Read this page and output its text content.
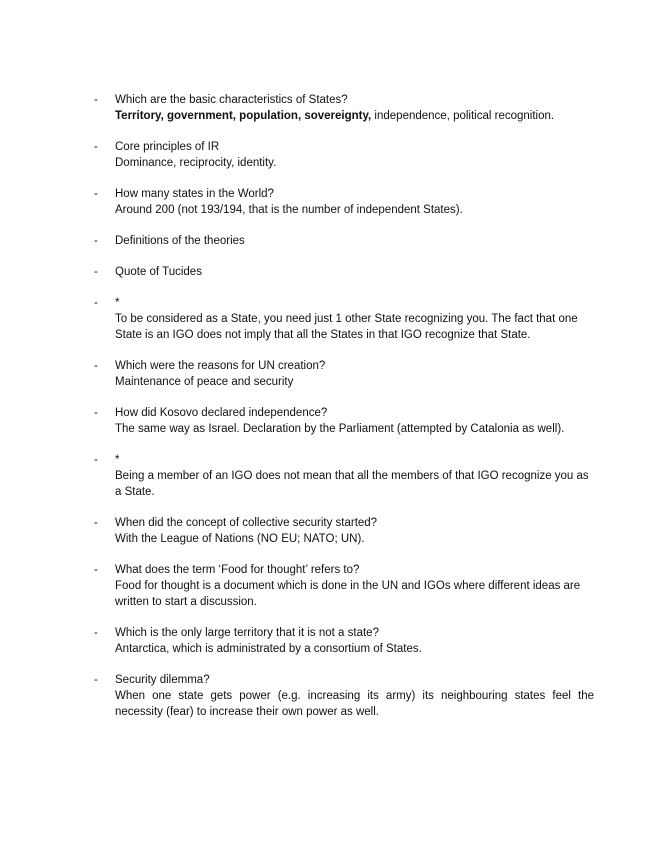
-	Which are the basic characteristics of States?
Territory, government, population, sovereignty, independence, political recognition.
-	Core principles of IR
Dominance, reciprocity, identity.
-	How many states in the World?
Around 200 (not 193/194, that is the number of independent States).
-	Definitions of the theories
-	Quote of Tucides
-	*
To be considered as a State, you need just 1 other State recognizing you. The fact that one State is an IGO does not imply that all the States in that IGO recognize that State.
-	Which were the reasons for UN creation?
Maintenance of peace and security
-	How did Kosovo declared independence?
The same way as Israel. Declaration by the Parliament (attempted by Catalonia as well).
-	*
Being a member of an IGO does not mean that all the members of that IGO recognize you as a State.
-	When did the concept of collective security started?
With the League of Nations (NO EU; NATO; UN).
-	What does the term ‘Food for thought’ refers to?
Food for thought is a document which is done in the UN and IGOs where different ideas are written to start a discussion.
-	Which is the only large territory that it is not a state?
Antarctica, which is administrated by a consortium of States.
-	Security dilemma?
When one state gets power (e.g. increasing its army) its neighbouring states feel the necessity (fear) to increase their own power as well.
